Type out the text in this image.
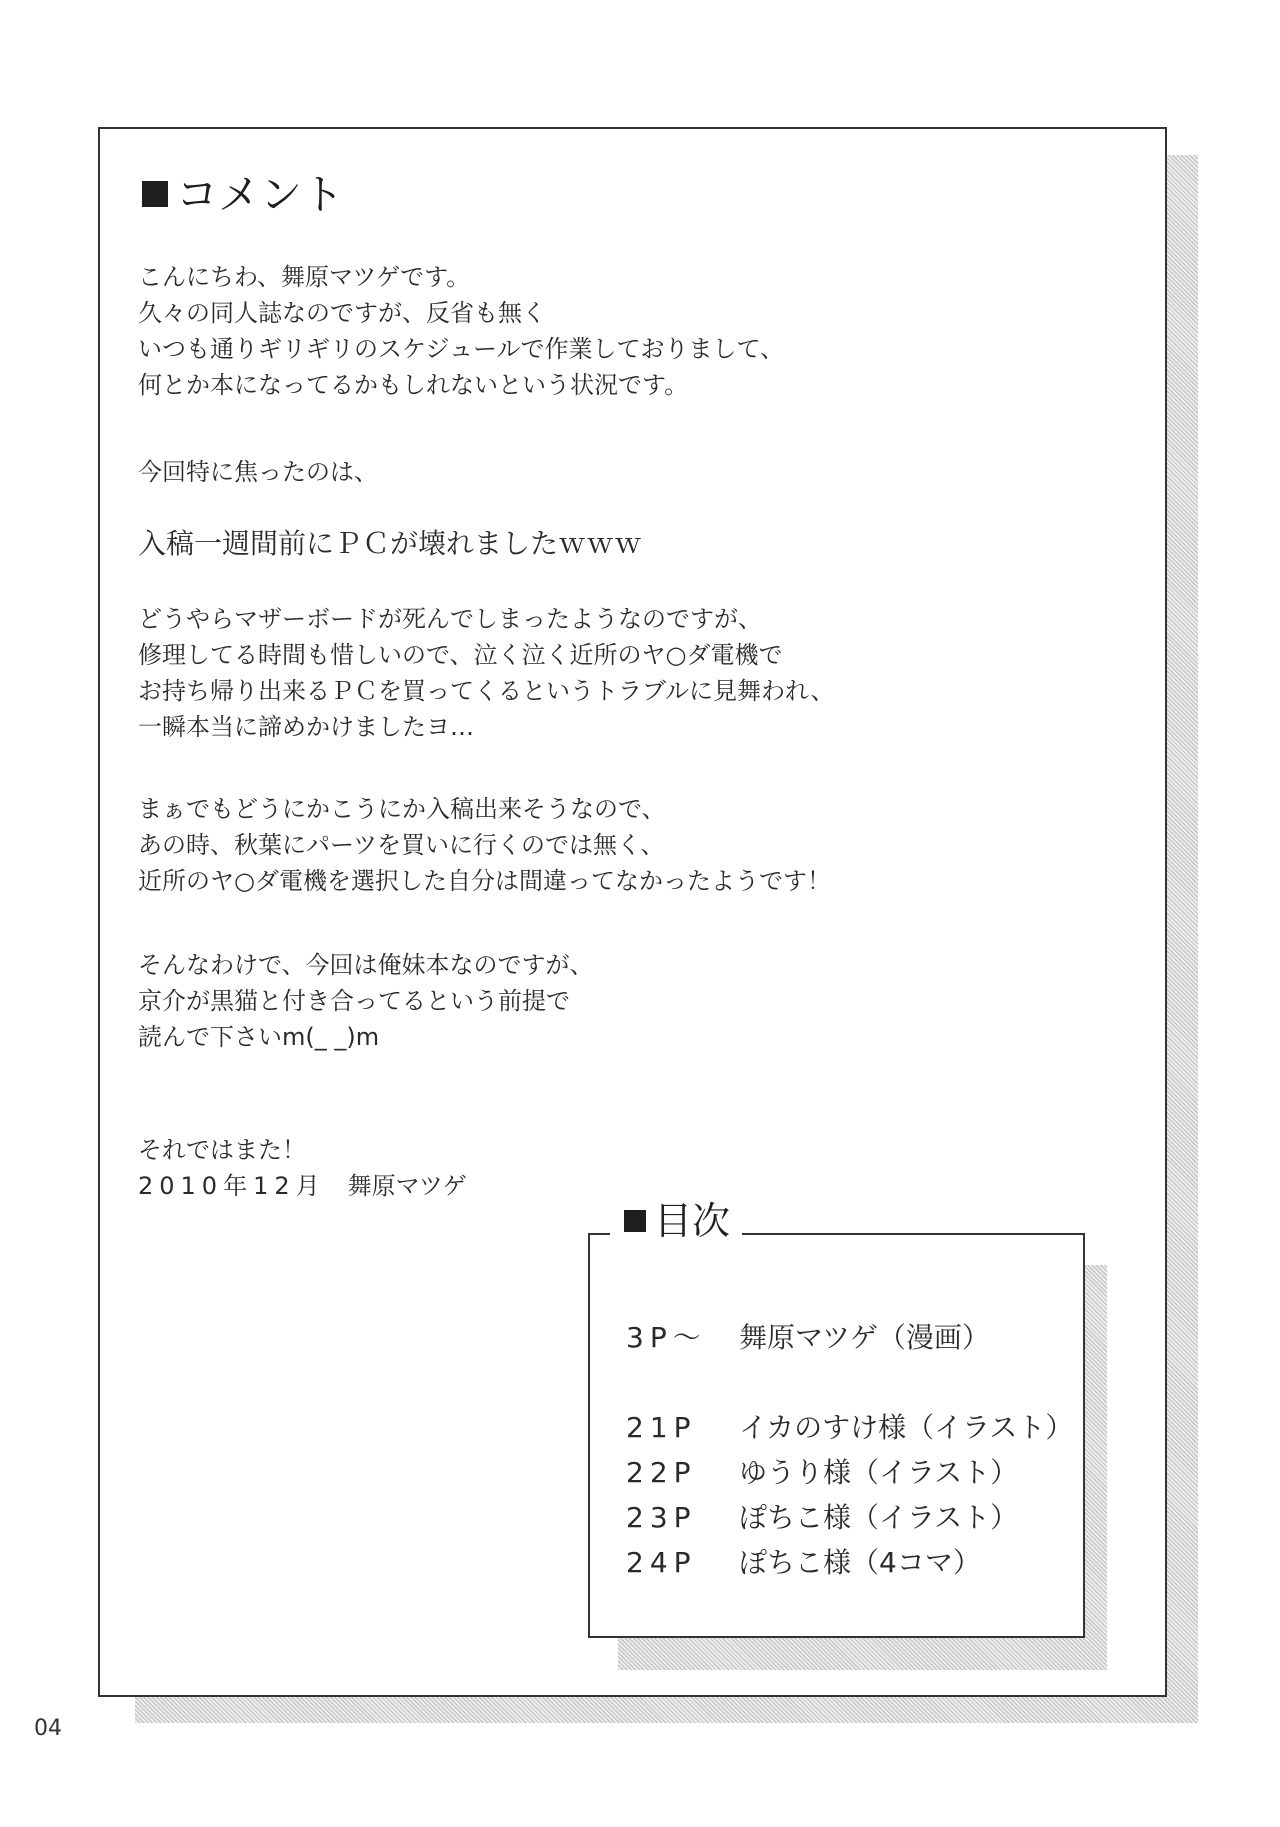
コメント

こんにちわ、舞原マツゲです。

久々の同人誌なのですが、反省も無く

いつも通りギリギリのスケジュールで作業しておりまして、

何とか本になってるかもしれないという状況です。

今回特に焦ったのは、

入稿一週間前にＰＣが壊れましたｗｗｗ

どうやらマザーボードが死んでしまったようなのですが、

修理してる時間も惜しいので、泣く泣く近所のヤ○ダ電機で

お持ち帰り出来るＰＣを買ってくるというトラブルに見舞われ、

一瞬本当に諦めかけましたヨ…

まぁでもどうにかこうにか入稿出来そうなので、

あの時、秋葉にパーツを買いに行くのでは無く、

近所のヤ○ダ電機を選択した自分は間違ってなかったようです！

そんなわけで、今回は俺妹本なのですが、

京介が黒猫と付き合ってるという前提で

読んで下さいm(_ _)m

それではまた！

2010年12月 舞原マツゲ

目次
3P～	舞原マツゲ（漫画）
21P	イカのすけ様（イラスト）
22P	ゆうり様（イラスト）
23P	ぽちこ様（イラスト）
24P	ぽちこ様（4コマ）
04
